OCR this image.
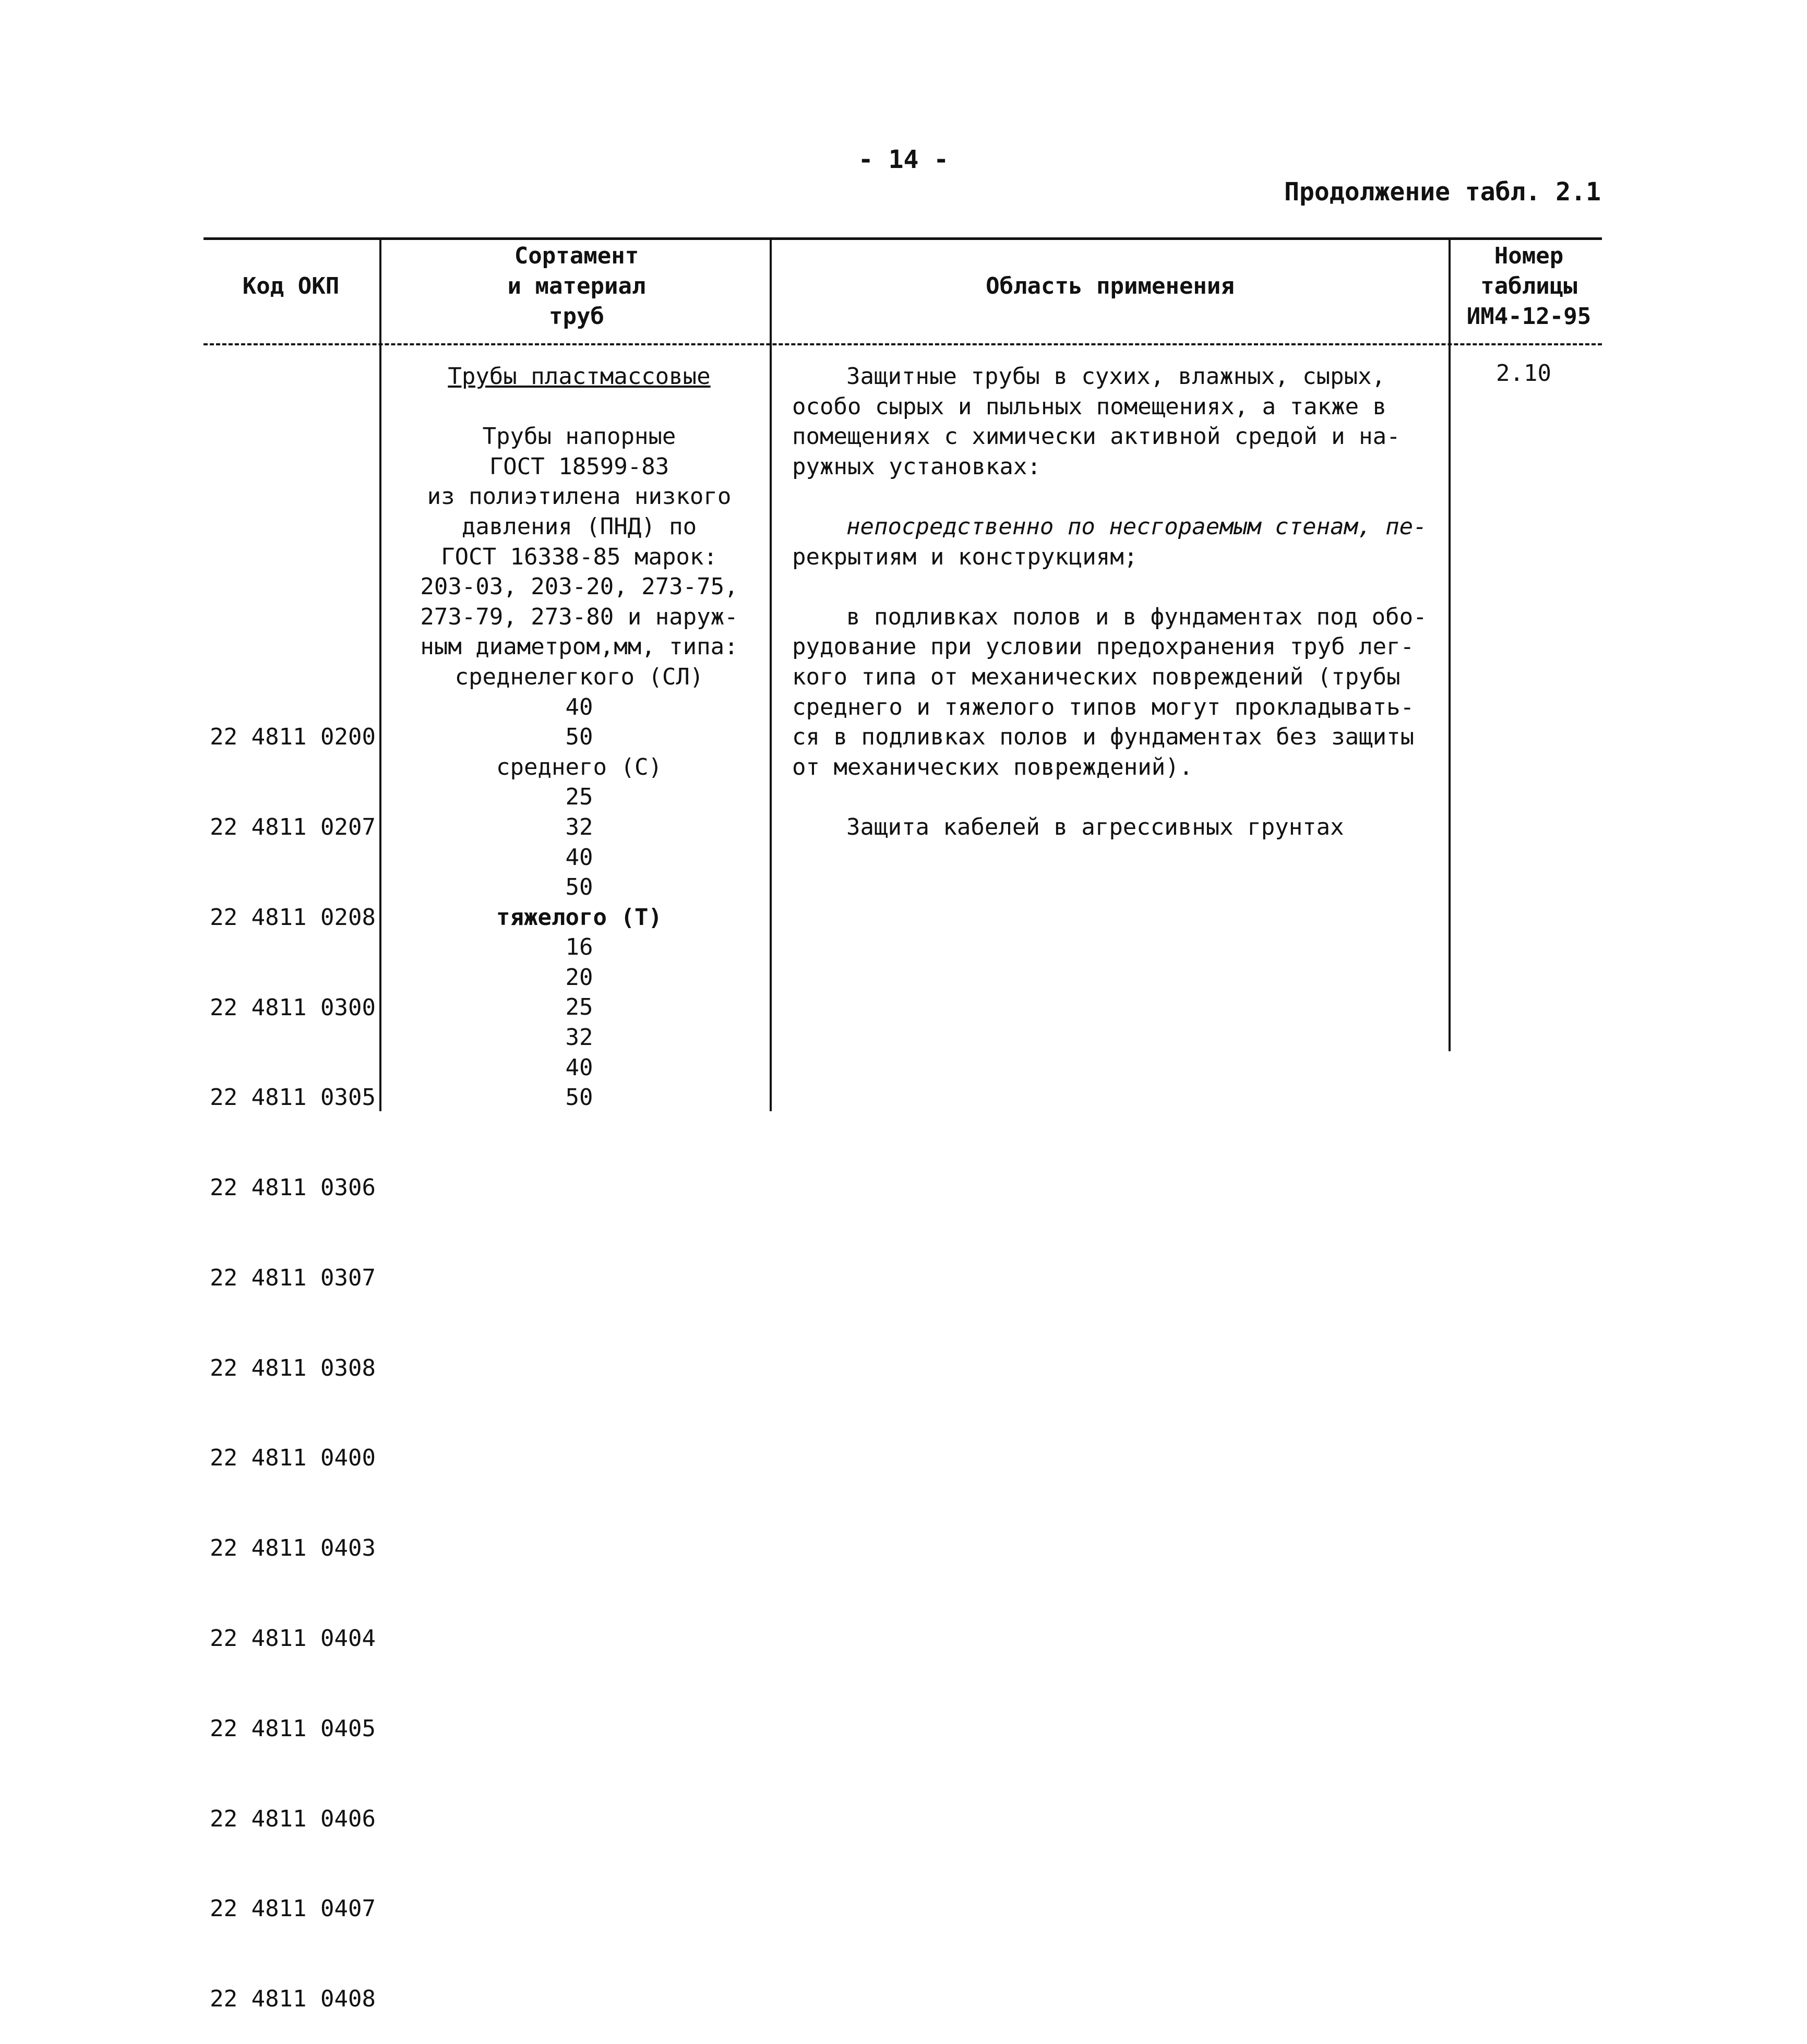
- 14 -
Продолжение табл. 2.1
Код ОКП
Сортамент
и материал
труб
Область применения
Номер
таблицы
ИМ4-12-95
Трубы пластмассовые
Трубы напорные
ГОСТ 18599-83
из полиэтилена низкого
давления (ПНД) по
ГОСТ 16338-85 марок:
203-03, 203-20, 273-75,
273-79, 273-80 и наруж-
ным диаметром,мм, типа:
среднелегкого (СЛ)
40
50
среднего (С)
25
32
40
50
тяжелого (Т)
16
20
25
32
40
50

22 4811 0200

22 4811 0207

22 4811 0208

22 4811 0300

22 4811 0305

22 4811 0306

22 4811 0307

22 4811 0308

22 4811 0400

22 4811 0403

22 4811 0404

22 4811 0405

22 4811 0406

22 4811 0407

22 4811 0408

Защитные трубы в сухих, влажных, сырых,
особо сырых и пыльных помещениях, а также в
помещениях с химически активной средой и на-
ружных установках:
непосредственно по несгораемым стенам, пе-
рекрытиям и конструкциям;
в подливках полов и в фундаментах под обо-
рудование при условии предохранения труб лег-
кого типа от механических повреждений (трубы
среднего и тяжелого типов могут прокладывать-
ся в подливках полов и фундаментах без защиты
от механических повреждений).
Защита кабелей в агрессивных грунтах
2.10
